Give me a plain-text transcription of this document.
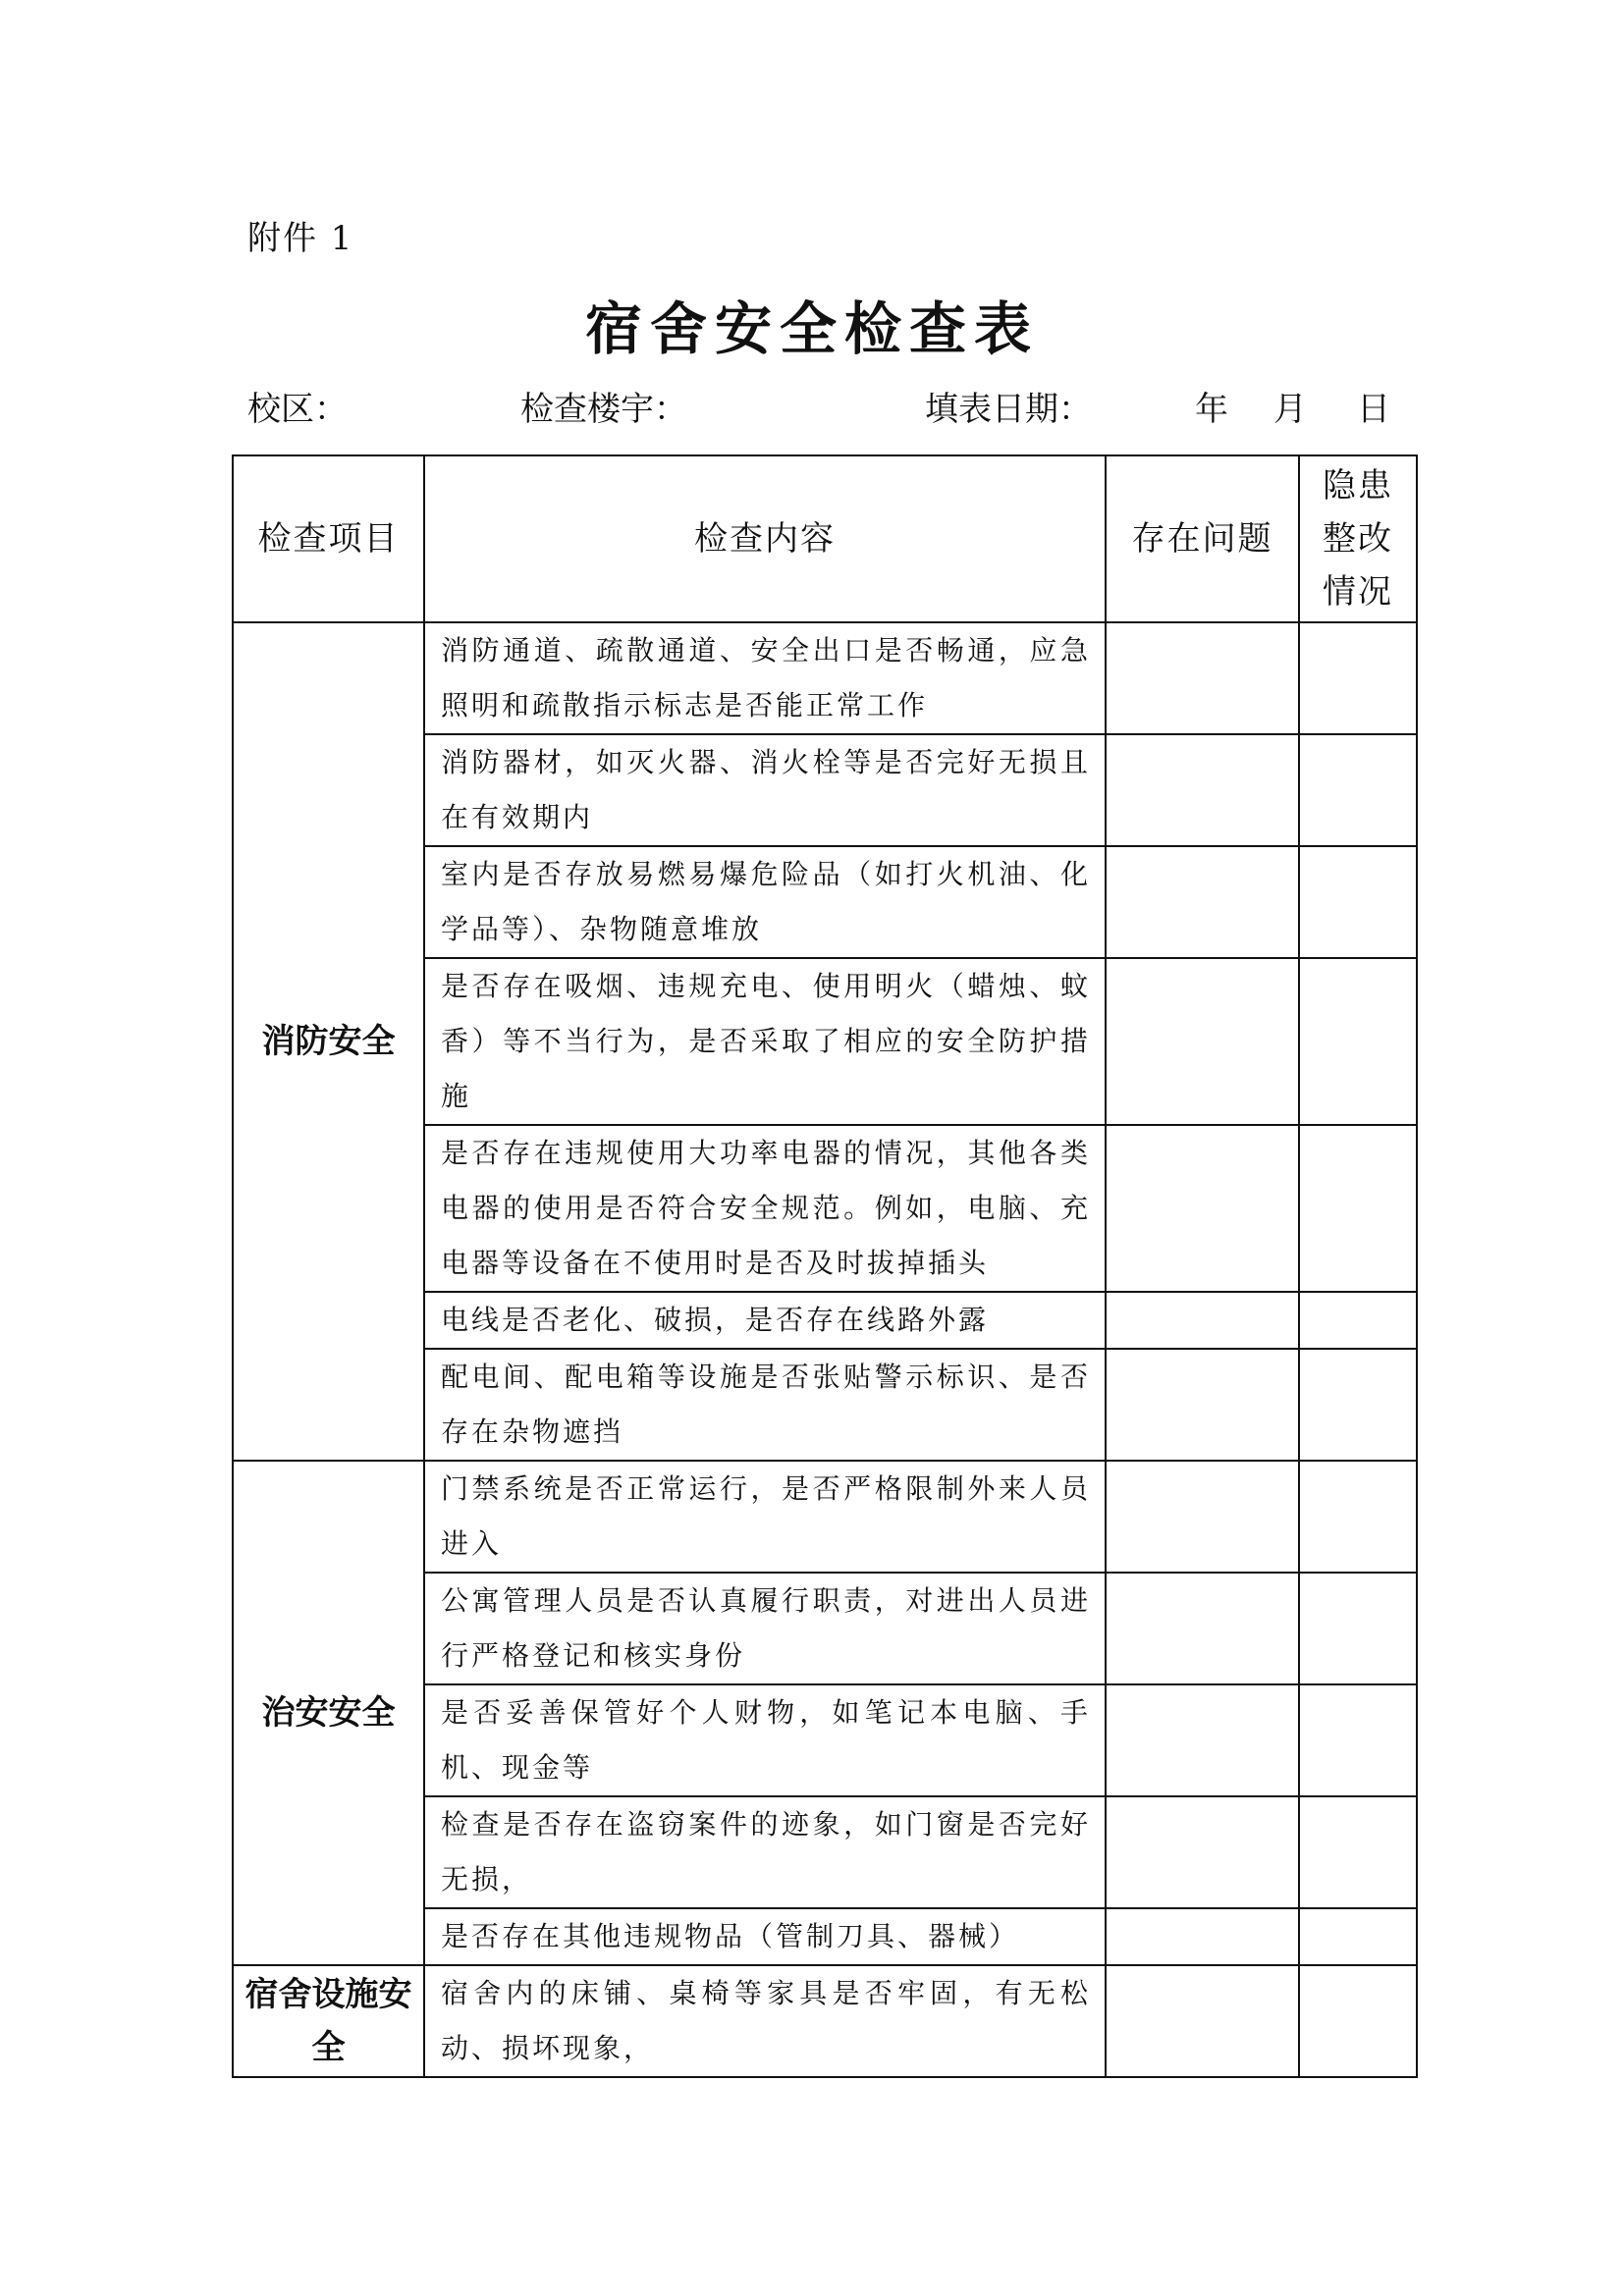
附件 1
宿舍安全检查表
校区：	检查楼宇：	填表日期：	年 月 日
检查项目	检查内容	存在问题	隐患
整改
情况

消防安全	消防通道、疏散通道、安全出口是否畅通，应急照明和疏散指示标志是否能正常工作		
	消防器材，如灭火器、消火栓等是否完好无损且在有效期内		
	室内是否存放易燃易爆危险品（如打火机油、化学品等）、杂物随意堆放		
	是否存在吸烟、违规充电、使用明火（蜡烛、蚊香）等不当行为，是否采取了相应的安全防护措施		
	是否存在违规使用大功率电器的情况，其他各类电器的使用是否符合安全规范。例如，电脑、充电器等设备在不使用时是否及时拔掉插头		
	电线是否老化、破损，是否存在线路外露		
	配电间、配电箱等设施是否张贴警示标识、是否存在杂物遮挡		
治安安全	门禁系统是否正常运行，是否严格限制外来人员进入		
	公寓管理人员是否认真履行职责，对进出人员进行严格登记和核实身份		
	是否妥善保管好个人财物，如笔记本电脑、手机、现金等		
	检查是否存在盗窃案件的迹象，如门窗是否完好无损，		
	是否存在其他违规物品（管制刀具、器械）		
宿舍设施安全	宿舍内的床铺、桌椅等家具是否牢固，有无松动、损坏现象，		
